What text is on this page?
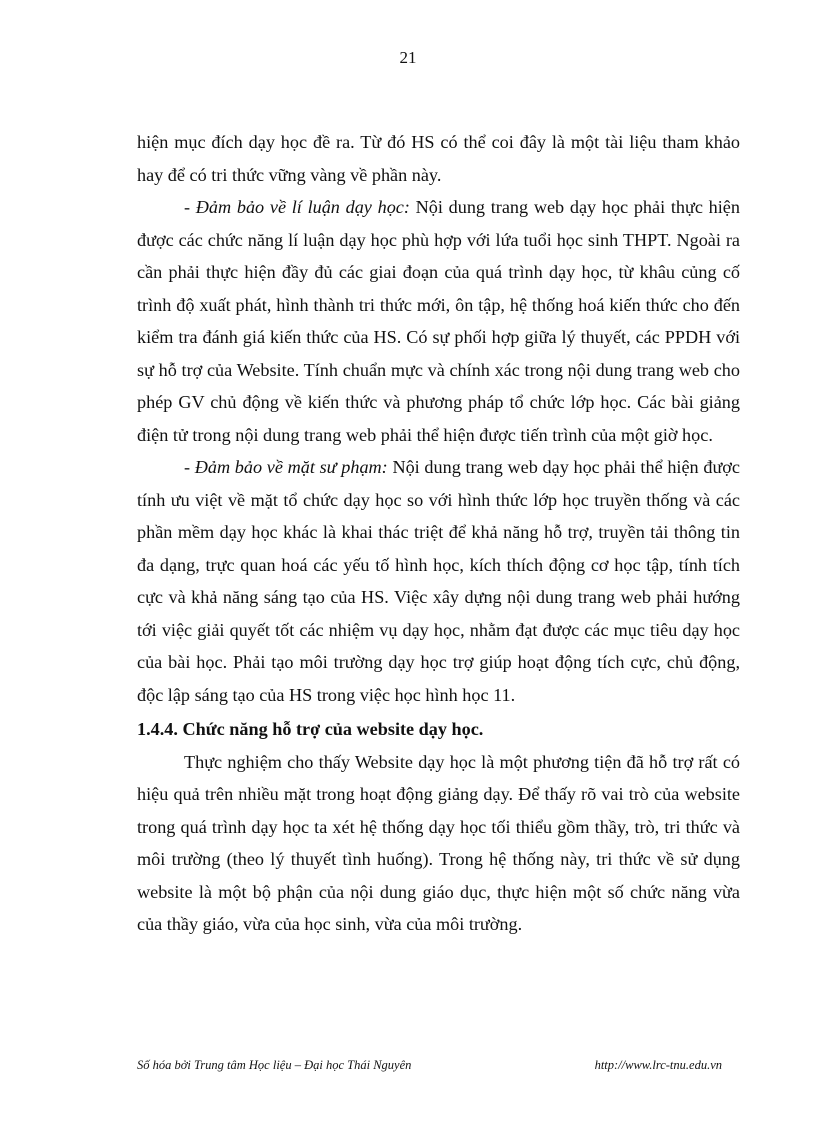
21

hiện mục đích dạy học đề ra. Từ đó HS có thể coi đây là một tài liệu tham khảo hay để có tri thức vững vàng về phần này.

- Đảm bảo về lí luận dạy học: Nội dung trang web dạy học phải thực hiện được các chức năng lí luận dạy học phù hợp với lứa tuổi học sinh THPT. Ngoài ra cần phải thực hiện đầy đủ các giai đoạn của quá trình dạy học, từ khâu củng cố trình độ xuất phát, hình thành tri thức mới, ôn tập, hệ thống hoá kiến thức cho đến kiểm tra đánh giá kiến thức của HS. Có sự phối hợp giữa lý thuyết, các PPDH với sự hỗ trợ của Website. Tính chuẩn mực và chính xác trong nội dung trang web cho phép GV chủ động về kiến thức và phương pháp tổ chức lớp học. Các bài giảng điện tử trong nội dung trang web phải thể hiện được tiến trình của một giờ học.

- Đảm bảo về mặt sư phạm: Nội dung trang web dạy học phải thể hiện được tính ưu việt về mặt tổ chức dạy học so với hình thức lớp học truyền thống và các phần mềm dạy học khác là khai thác triệt để khả năng hỗ trợ, truyền tải thông tin đa dạng, trực quan hoá các yếu tố hình học, kích thích động cơ học tập, tính tích cực và khả năng sáng tạo của HS. Việc xây dựng nội dung trang web phải hướng tới việc giải quyết tốt các nhiệm vụ dạy học, nhằm đạt được các mục tiêu dạy học của bài học. Phải tạo môi trường dạy học trợ giúp hoạt động tích cực, chủ động, độc lập sáng tạo của HS trong việc học hình học 11.

1.4.4. Chức năng hỗ trợ của website dạy học.

Thực nghiệm cho thấy Website dạy học là một phương tiện đã hỗ trợ rất có hiệu quả trên nhiều mặt trong hoạt động giảng dạy. Để thấy rõ vai trò của website trong quá trình dạy học ta xét hệ thống dạy học tối thiểu gồm thầy, trò, tri thức và môi trường (theo lý thuyết tình huống). Trong hệ thống này, tri thức về sử dụng website là một bộ phận của nội dung giáo dục, thực hiện một số chức năng vừa của thầy giáo, vừa của học sinh, vừa của môi trường.

Số hóa bởi Trung tâm Học liệu – Đại học Thái Nguyên	http://www.lrc-tnu.edu.vn
